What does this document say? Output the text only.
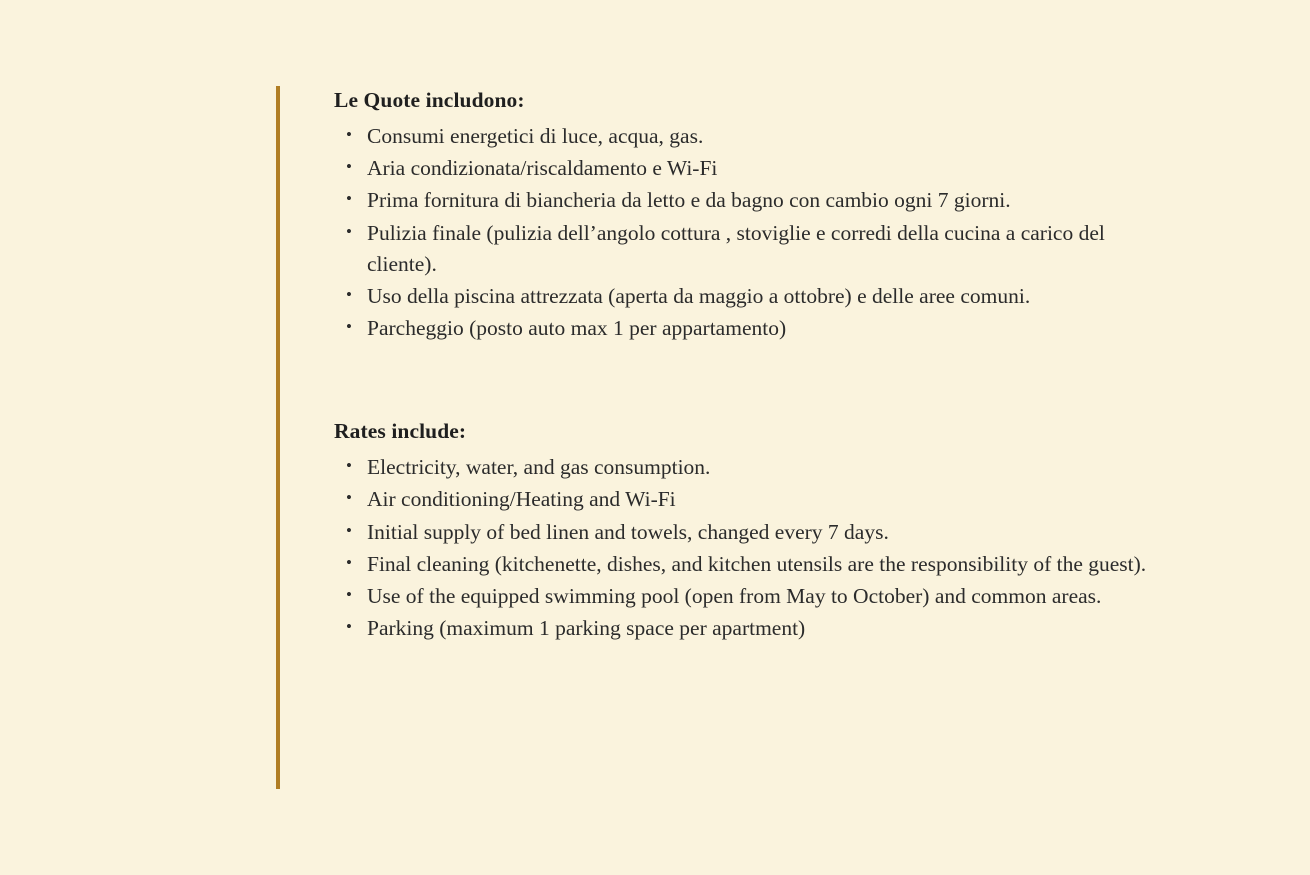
Le Quote includono:
• Consumi energetici di luce, acqua, gas.
• Aria condizionata/riscaldamento e Wi-Fi
• Prima fornitura di biancheria da letto e da bagno con cambio ogni 7 giorni.
• Pulizia finale (pulizia dell’angolo cottura , stoviglie e corredi della cucina a carico del cliente).
• Uso della piscina attrezzata (aperta da maggio a ottobre) e delle aree comuni.
• Parcheggio (posto auto max 1 per appartamento)
Rates include:
• Electricity, water, and gas consumption.
• Air conditioning/Heating and Wi-Fi
• Initial supply of bed linen and towels, changed every 7 days.
• Final cleaning (kitchenette, dishes, and kitchen utensils are the responsibility of the guest).
• Use of the equipped swimming pool (open from May to October) and common areas.
• Parking (maximum 1 parking space per apartment)
